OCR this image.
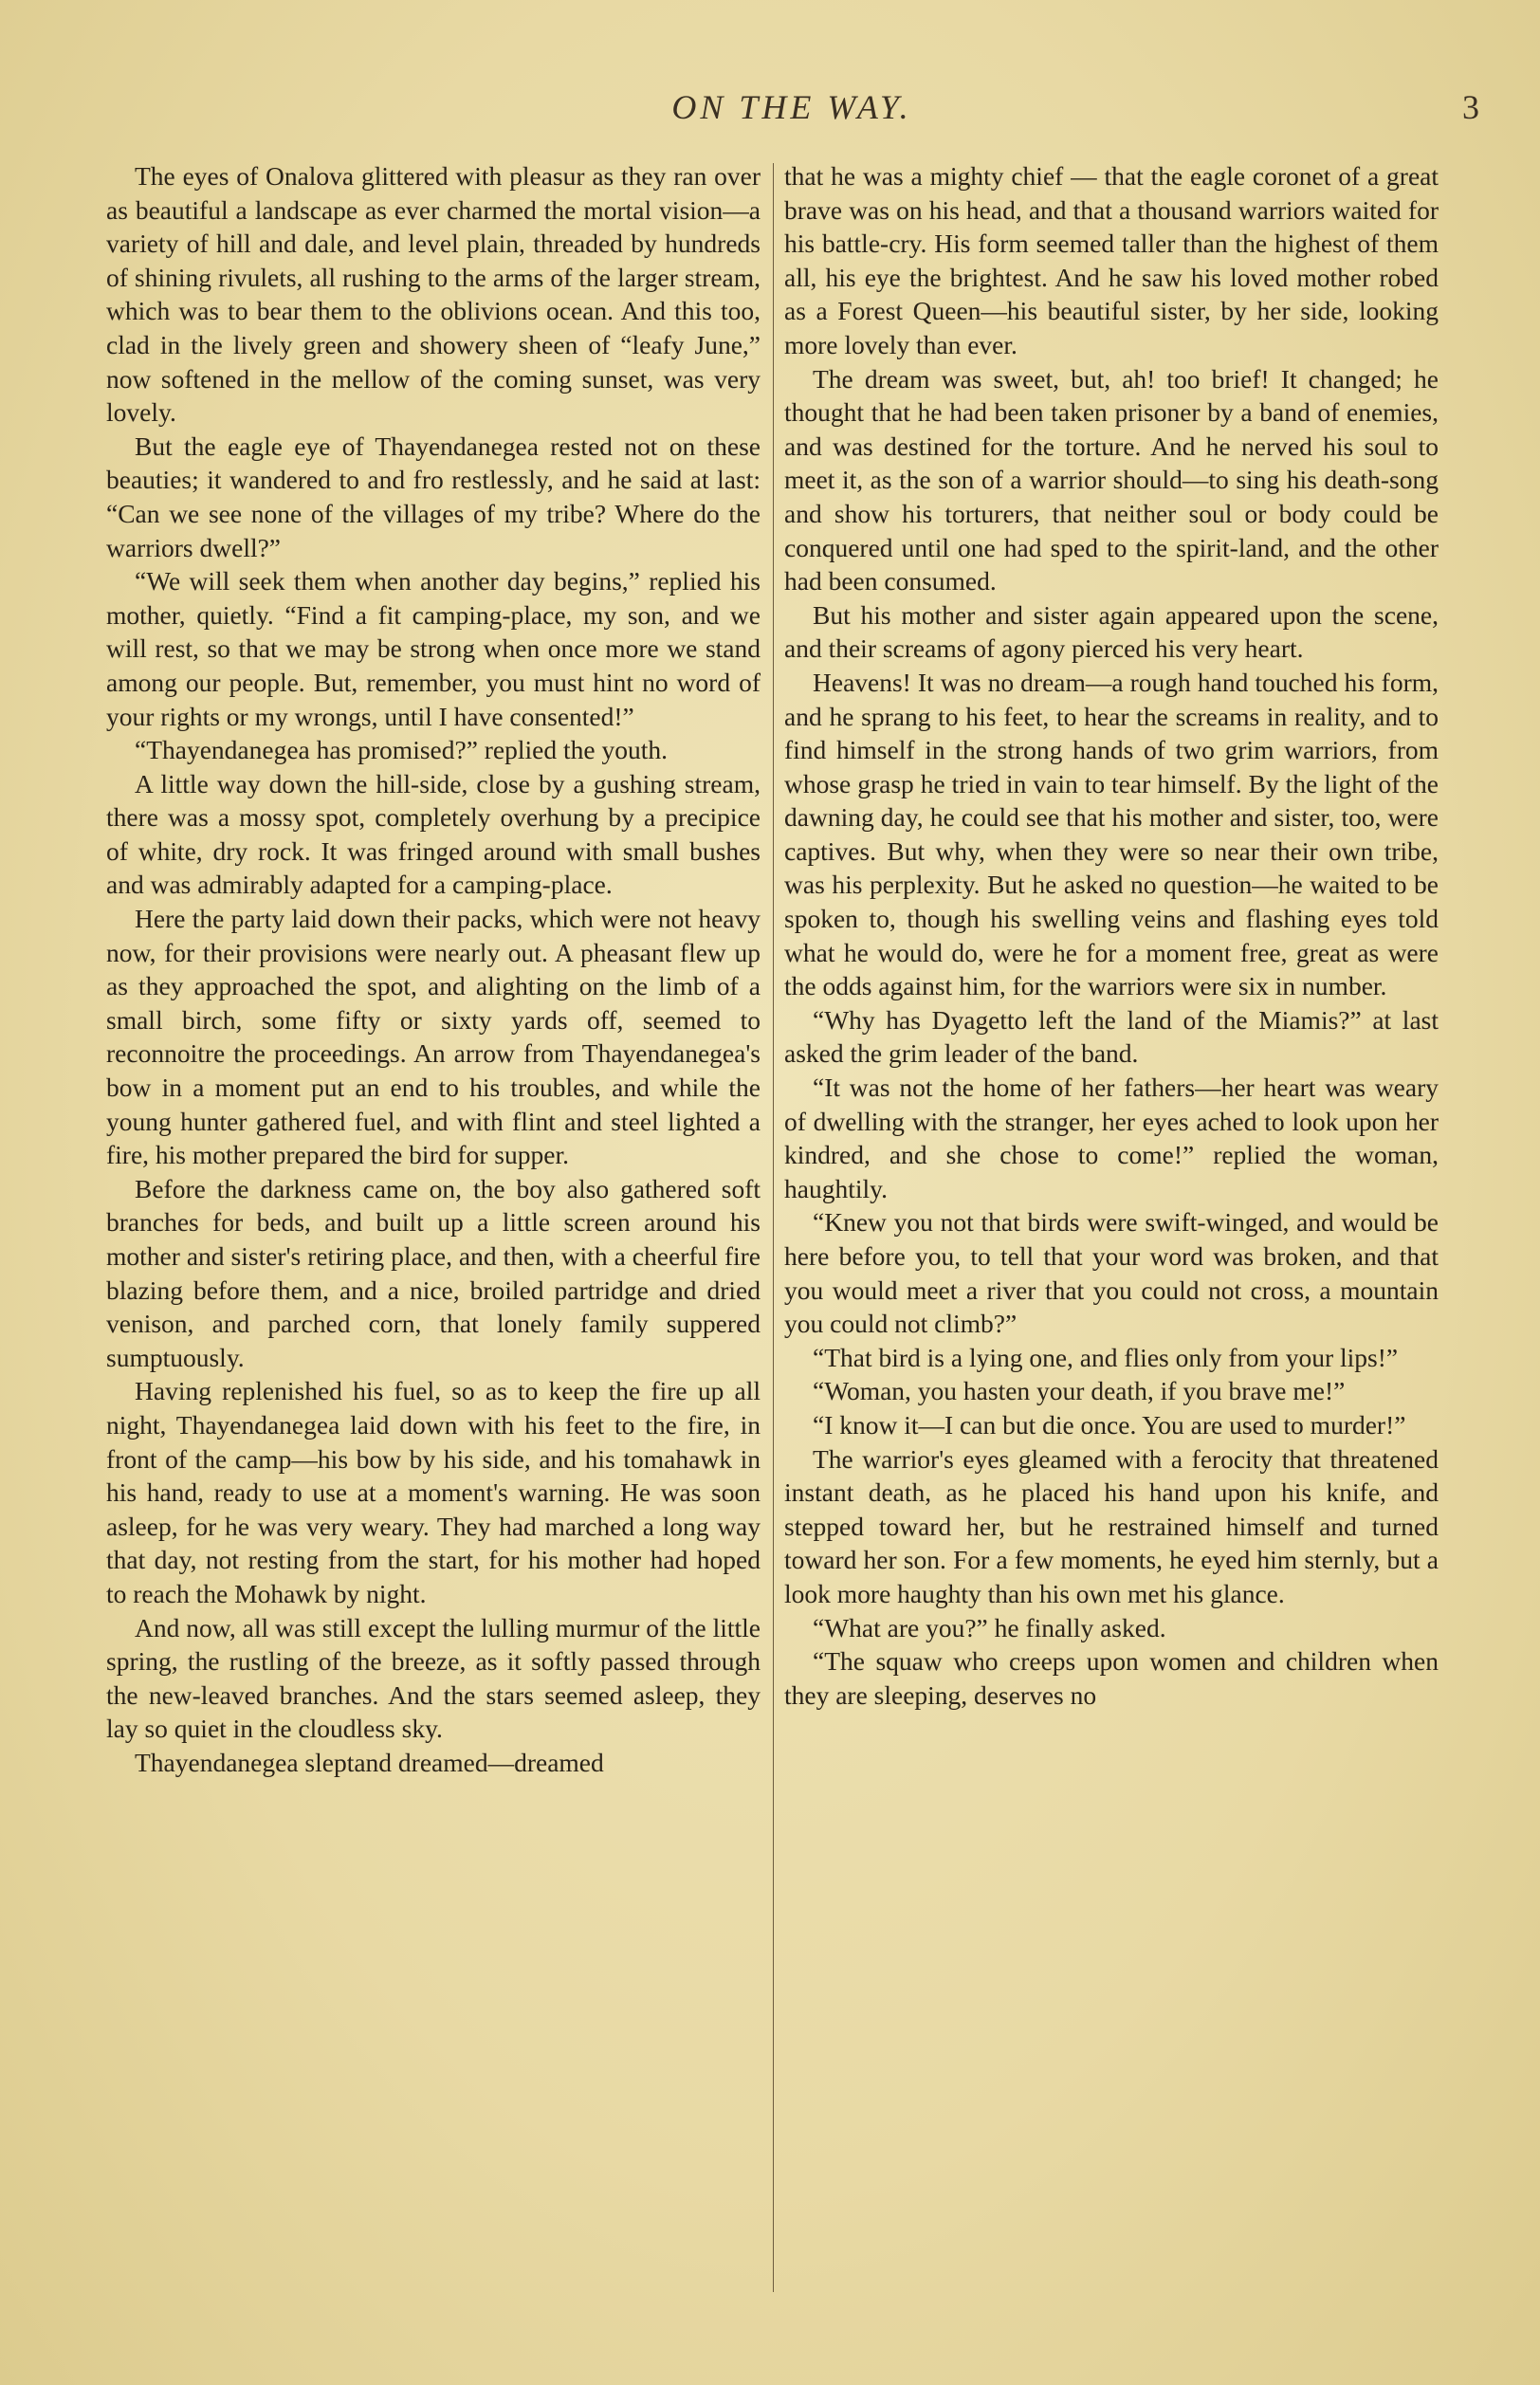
ON THE WAY.	3

The eyes of Onalova glittered with pleasur as they ran over as beautiful a landscape as ever charmed the mortal vision—a variety of hill and dale, and level plain, threaded by hundreds of shining rivulets, all rushing to the arms of the larger stream, which was to bear them to the oblivions ocean. And this too, clad in the lively green and showery sheen of “leafy June,” now softened in the mellow of the coming sunset, was very lovely.

But the eagle eye of Thayendanegea rested not on these beauties; it wandered to and fro restlessly, and he said at last: “Can we see none of the villages of my tribe? Where do the warriors dwell?”

“We will seek them when another day begins,” replied his mother, quietly. “Find a fit camping-place, my son, and we will rest, so that we may be strong when once more we stand among our people. But, remember, you must hint no word of your rights or my wrongs, until I have consented!”

“Thayendanegea has promised?” replied the youth.

A little way down the hill-side, close by a gushing stream, there was a mossy spot, completely overhung by a precipice of white, dry rock. It was fringed around with small bushes and was admirably adapted for a camping-place.

Here the party laid down their packs, which were not heavy now, for their provisions were nearly out. A pheasant flew up as they approached the spot, and alighting on the limb of a small birch, some fifty or sixty yards off, seemed to reconnoitre the proceedings. An arrow from Thayendanegea's bow in a moment put an end to his troubles, and while the young hunter gathered fuel, and with flint and steel lighted a fire, his mother prepared the bird for supper.

Before the darkness came on, the boy also gathered soft branches for beds, and built up a little screen around his mother and sister's retiring place, and then, with a cheerful fire blazing before them, and a nice, broiled partridge and dried venison, and parched corn, that lonely family suppered sumptuously.

Having replenished his fuel, so as to keep the fire up all night, Thayendanegea laid down with his feet to the fire, in front of the camp—his bow by his side, and his tomahawk in his hand, ready to use at a moment's warning. He was soon asleep, for he was very weary. They had marched a long way that day, not resting from the start, for his mother had hoped to reach the Mohawk by night.

And now, all was still except the lulling murmur of the little spring, the rustling of the breeze, as it softly passed through the new-leaved branches. And the stars seemed asleep, they lay so quiet in the cloudless sky.

Thayendanegea sleptand dreamed—dreamed

that he was a mighty chief — that the eagle coronet of a great brave was on his head, and that a thousand warriors waited for his battle-cry. His form seemed taller than the highest of them all, his eye the brightest. And he saw his loved mother robed as a Forest Queen—his beautiful sister, by her side, looking more lovely than ever.

The dream was sweet, but, ah! too brief! It changed; he thought that he had been taken prisoner by a band of enemies, and was destined for the torture. And he nerved his soul to meet it, as the son of a warrior should—to sing his death-song and show his torturers, that neither soul or body could be conquered until one had sped to the spirit-land, and the other had been consumed.

But his mother and sister again appeared upon the scene, and their screams of agony pierced his very heart.

Heavens! It was no dream—a rough hand touched his form, and he sprang to his feet, to hear the screams in reality, and to find himself in the strong hands of two grim warriors, from whose grasp he tried in vain to tear himself. By the light of the dawning day, he could see that his mother and sister, too, were captives. But why, when they were so near their own tribe, was his perplexity. But he asked no question—he waited to be spoken to, though his swelling veins and flashing eyes told what he would do, were he for a moment free, great as were the odds against him, for the warriors were six in number.

“Why has Dyagetto left the land of the Miamis?” at last asked the grim leader of the band.

“It was not the home of her fathers—her heart was weary of dwelling with the stranger, her eyes ached to look upon her kindred, and she chose to come!” replied the woman, haughtily.

“Knew you not that birds were swift-winged, and would be here before you, to tell that your word was broken, and that you would meet a river that you could not cross, a mountain you could not climb?”

“That bird is a lying one, and flies only from your lips!”

“Woman, you hasten your death, if you brave me!”

“I know it—I can but die once. You are used to murder!”

The warrior's eyes gleamed with a ferocity that threatened instant death, as he placed his hand upon his knife, and stepped toward her, but he restrained himself and turned toward her son. For a few moments, he eyed him sternly, but a look more haughty than his own met his glance.

“What are you?” he finally asked.

“The squaw who creeps upon women and children when they are sleeping, deserves no
